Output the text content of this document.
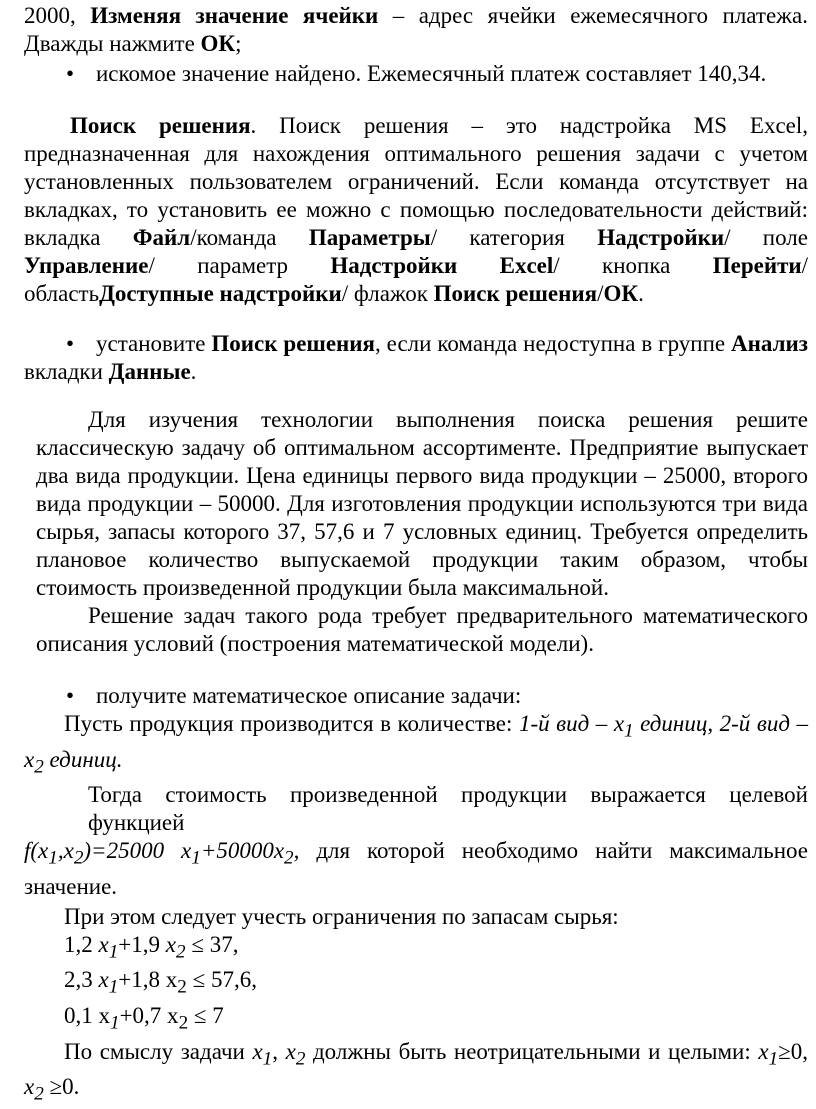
2000, Изменяя значение ячейки – адрес ячейки ежемесячного платежа.

Дважды нажмите ОК;

• искомое значение найдено. Ежемесячный платеж составляет 140,34.

Поиск решения. Поиск решения – это надстройка MS Excel, предназначенная для нахождения оптимального решения задачи с учетом установленных пользователем ограничений. Если команда отсутствует на вкладках, то установить ее можно с помощью последовательности действий: вкладка Файл/команда Параметры/ категория Надстройки/ поле Управление/ параметр Надстройки Excel/ кнопка Перейти/ областьДоступные надстройки/ флажок Поиск решения/ОК.

• установите Поиск решения, если команда недоступна в группе Анализ

вкладки Данные.

Для изучения технологии выполнения поиска решения решите классическую задачу об оптимальном ассортименте. Предприятие выпускает два вида продукции. Цена единицы первого вида продукции – 25000, второго вида продукции – 50000. Для изготовления продукции используются три вида сырья, запасы которого 37, 57,6 и 7 условных единиц. Требуется определить плановое количество выпускаемой продукции таким образом, чтобы стоимость произведенной продукции была максимальной.

Решение задач такого рода требует предварительного математического описания условий (построения математической модели).

• получите математическое описание задачи:

Пусть продукция производится в количестве: 1-й вид – $x_1$ единиц, 2-й вид –

$x_2$ единиц.

Тогда стоимость произведенной продукции выражается целевой функцией

$f(x_1,x_2)=25000$ $x_1+50000x_2$, для которой необходимо найти максимальное значение.

При этом следует учесть ограничения по запасам сырья:

1,2 $x_1+1,9$ $x_2 \le 37$,

2,3 $x_1+1,8$ $x_2 \le 57,6$,

0,1 $x_1+0,7$ $x_2 \le 7$

По смыслу задачи $x_1$, $x_2$ должны быть неотрицательными и целыми: $x_1\ge 0$,

$x_2 \ge 0$.
